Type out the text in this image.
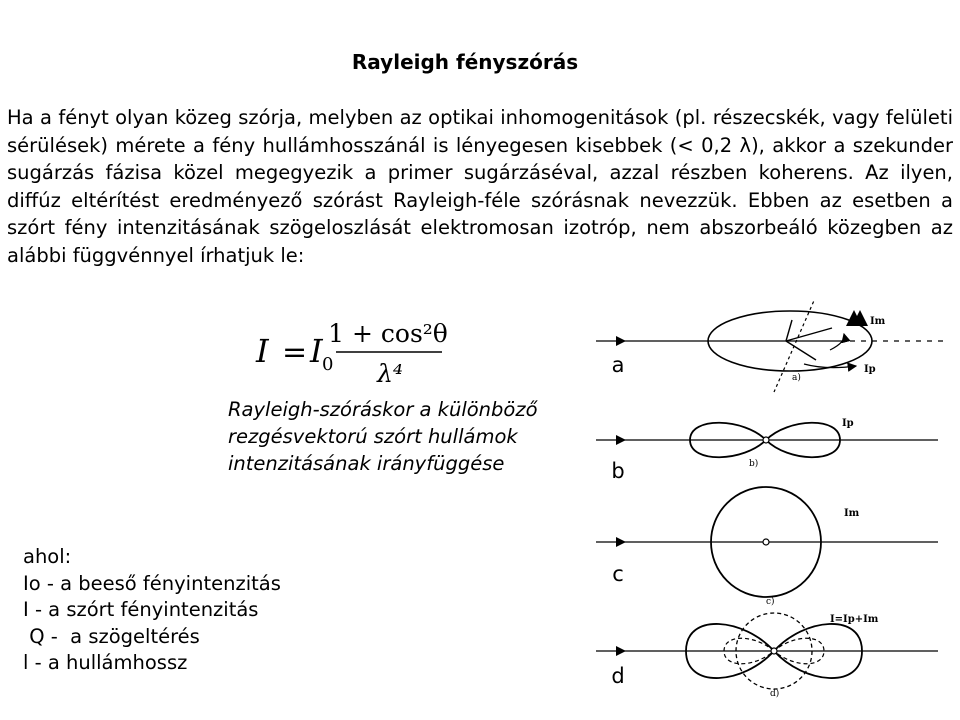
Rayleigh fényszórás
Ha a fényt olyan közeg szórja, melyben az optikai inhomogenitások (pl. részecskék, vagy felületi sérülések) mérete a fény hullámhosszánál is lényegesen kisebbek (< 0,2 λ), akkor a szekunder sugárzás fázisa közel megegyezik a primer sugárzáséval, azzal részben koherens. Az ilyen, diffúz eltérítést eredményező szórást Rayleigh-féle szórásnak nevezzük. Ebben az esetben a szórt fény intenzitásának szögeloszlását elektromosan izotróp, nem abszorbeáló közegben az alábbi függvénnyel írhatjuk le:
I = I 0
1 + cos²θ
λ⁴
Rayleigh-szóráskor a különböző
rezgésvektorú szórt hullámok
intenzitásának irányfüggése
ahol:
Io - a beeső fényintenzitás
I - a szórt fényintenzitás
Q -  a szögeltérés
l - a hullámhossz
Im
Ip
a)
Ip
b)
Im
c)
I=Ip+Im
d)
a
b
c
d
